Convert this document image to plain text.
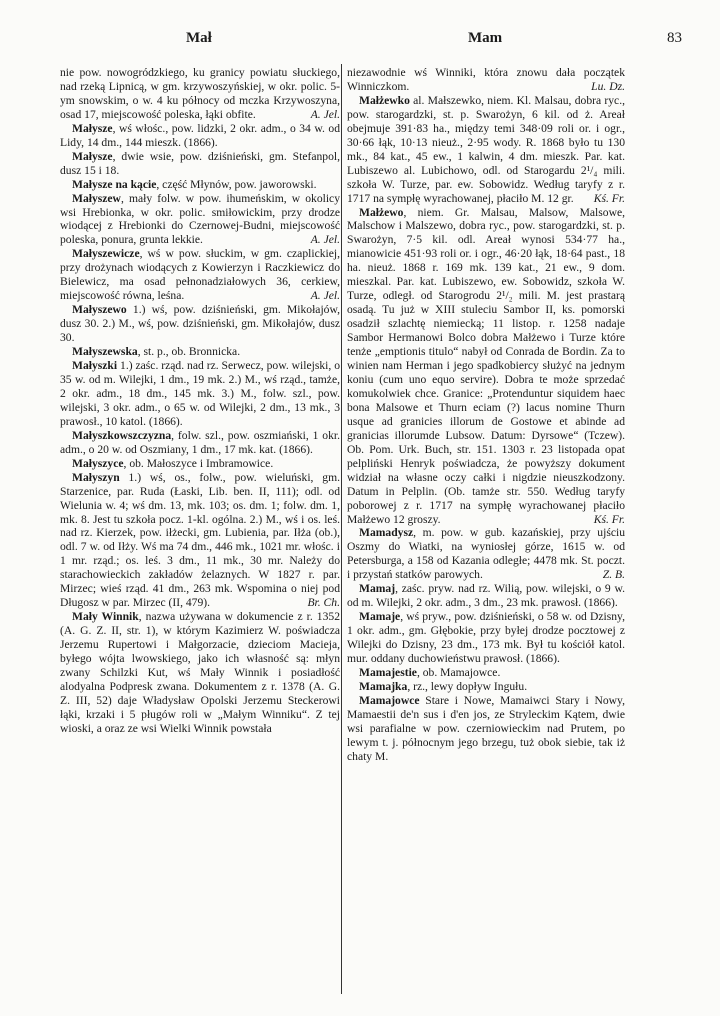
Mał	Mam	83

nie pow. nowogródzkiego, ku granicy powiatu słuckiego, nad rzeką Lipnicą, w gm. krzywoszyńskiej, w okr. polic. 5-ym snowskim, o w. 4 ku północy od mczka Krzywoszyna, osad 17, miejscowość poleska, łąki obfite.	A. Jel.

Małysze, wś włośc., pow. lidzki, 2 okr. adm., o 34 w. od Lidy, 14 dm., 144 mieszk. (1866).

Małysze, dwie wsie, pow. dziśnieński, gm. Stefanpol, dusz 15 i 18.

Małysze na kącie, część Młynów, pow. jaworowski.

Małyszew, mały folw. w pow. ihumeńskim, w okolicy wsi Hrebionka, w okr. polic. smiłowickim, przy drodze wiodącej z Hrebionki do Czernowej-Budni, miejscowość poleska, ponura, grunta lekkie.	A. Jel.

Małyszewicze, wś w pow. słuckim, w gm. czaplickiej, przy drożynach wiodących z Kowierzyn i Raczkiewicz do Bielewicz, ma osad pełnonadziałowych 36, cerkiew, miejscowość równa, leśna.	A. Jel.

Małyszewo 1.) wś, pow. dziśnieński, gm. Mikołajów, dusz 30. 2.) M., wś, pow. dziśnieński, gm. Mikołajów, dusz 30.

Małyszewska, st. p., ob. Bronnicka.

Małyszki 1.) zaśc. rząd. nad rz. Serwecz, pow. wilejski, o 35 w. od m. Wilejki, 1 dm., 19 mk. 2.) M., wś rząd., tamże, 2 okr. adm., 18 dm., 145 mk. 3.) M., folw. szl., pow. wilejski, 3 okr. adm., o 65 w. od Wilejki, 2 dm., 13 mk., 3 prawosł., 10 katol. (1866).

Małyszkowszczyzna, folw. szl., pow. oszmiański, 1 okr. adm., o 20 w. od Oszmiany, 1 dm., 17 mk. kat. (1866).

Małyszyce, ob. Małoszyce i Imbramowice.

Małyszyn 1.) wś, os., folw., pow. wieluński, gm. Starzenice, par. Ruda (Łaski, Lib. ben. II, 111); odl. od Wielunia w. 4; wś dm. 13, mk. 103; os. dm. 1; folw. dm. 1, mk. 8. Jest tu szkoła pocz. 1-kl. ogólna. 2.) M., wś i os. leś. nad rz. Kierzek, pow. iłżecki, gm. Lubienia, par. Iłża (ob.), odl. 7 w. od Iłży. Wś ma 74 dm., 446 mk., 1021 mr. włośc. i 1 mr. rząd.; os. leś. 3 dm., 11 mk., 30 mr. Należy do starachowieckich zakładów żelaznych. W 1827 r. par. Mirzec; wieś rząd. 41 dm., 263 mk. Wspomina o niej pod Długosz w par. Mirzec (II, 479).	Br. Ch.

Mały Winnik, nazwa używana w dokumencie z r. 1352 (A. G. Z. II, str. 1), w którym Kazimierz W. poświadcza Jerzemu Rupertowi i Małgorzacie, dzieciom Macieja, byłego wójta lwowskiego, jako ich własność są: młyn zwany Schilzki Kut, wś Mały Winnik i posiadłość alodyalna Podpresk zwana. Dokumentem z r. 1378 (A. G. Z. III, 52) daje Władysław Opolski Jerzemu Steckerowi łąki, krzaki i 5 pługów roli w „Małym Winniku“. Z tej wioski, a oraz ze wsi Wielki Winnik powstała

niezawodnie wś Winniki, która znowu dała początek Winniczkom.	Lu. Dz.

Małżewko al. Małszewko, niem. Kl. Malsau, dobra ryc., pow. starogardzki, st. p. Swarożyn, 6 kil. od ż. Areał obejmuje 391·83 ha., między temi 348·09 roli or. i ogr., 30·66 łąk, 10·13 nieuż., 2·95 wody. R. 1868 było tu 130 mk., 84 kat., 45 ew., 1 kalwin, 4 dm. mieszk. Par. kat. Lubiszewo al. Lubichowo, odl. od Starogardu 2¹/₄ mili. szkoła W. Turze, par. ew. Sobowidz. Według taryfy z r. 1717 na sympłę wyrachowanej, płaciło M. 12 gr.	Kś. Fr.

Małżewo, niem. Gr. Malsau, Malsow, Malsowe, Malschow i Malszewo, dobra ryc., pow. starogardzki, st. p. Swarożyn, 7·5 kil. odl. Areał wynosi 534·77 ha., mianowicie 451·93 roli or. i ogr., 46·20 łąk, 18·64 past., 18 ha. nieuż. 1868 r. 169 mk. 139 kat., 21 ew., 9 dom. mieszkal. Par. kat. Lubiszewo, ew. Sobowidz, szkoła W. Turze, odległ. od Starogrodu 2¹/₂ mili. M. jest prastarą osadą. Tu już w XIII stuleciu Sambor II, ks. pomorski osadził szlachtę niemiecką; 11 listop. r. 1258 nadaje Sambor Hermanowi Bolco dobra Małżewo i Turze które tenże „emptionis titulo“ nabył od Conrada de Bordin. Za to winien nam Herman i jego spadkobiercy służyć na jednym koniu (cum uno equo servire). Dobra te może sprzedać komukolwiek chce. Granice: „Protenduntur siquidem haec bona Malsowe et Thurn eciam (?) lacus nomine Thurn usque ad granicies illorum de Gostowe et abinde ad granicias illorumde Lubsow. Datum: Dyrsowe“ (Tczew). Ob. Pom. Urk. Buch, str. 151. 1303 r. 23 listopada opat pelpliński Henryk poświadcza, że powyższy dokument widział na własne oczy całki i nigdzie nieuszkodzony. Datum in Pelplin. (Ob. tamże str. 550. Według taryfy poborowej z r. 1717 na sympłę wyrachowanej płaciło Małżewo 12 groszy.	Kś. Fr.

Mamadysz, m. pow. w gub. kazańskiej, przy ujściu Oszmy do Wiatki, na wyniosłej górze, 1615 w. od Petersburga, a 158 od Kazania odległe; 4478 mk. St. poczt. i przystań statków parowych.	Z. B.

Mamaj, zaśc. pryw. nad rz. Wilią, pow. wilejski, o 9 w. od m. Wilejki, 2 okr. adm., 3 dm., 23 mk. prawosł. (1866).

Mamaje, wś pryw., pow. dziśnieński, o 58 w. od Dzisny, 1 okr. adm., gm. Głębokie, przy byłej drodze pocztowej z Wilejki do Dzisny, 23 dm., 173 mk. Był tu kościół katol. mur. oddany duchowieństwu prawosł. (1866).

Mamajestie, ob. Mamajowce.

Mamajka, rz., lewy dopływ Ingułu.

Mamajowce Stare i Nowe, Mamaiwci Stary i Nowy, Mamaestii de'n sus i d'en jos, ze Stryleckim Kątem, dwie wsi parafialne w pow. czerniowieckim nad Prutem, po lewym t. j. północnym jego brzegu, tuż obok siebie, tak iż chaty M.
